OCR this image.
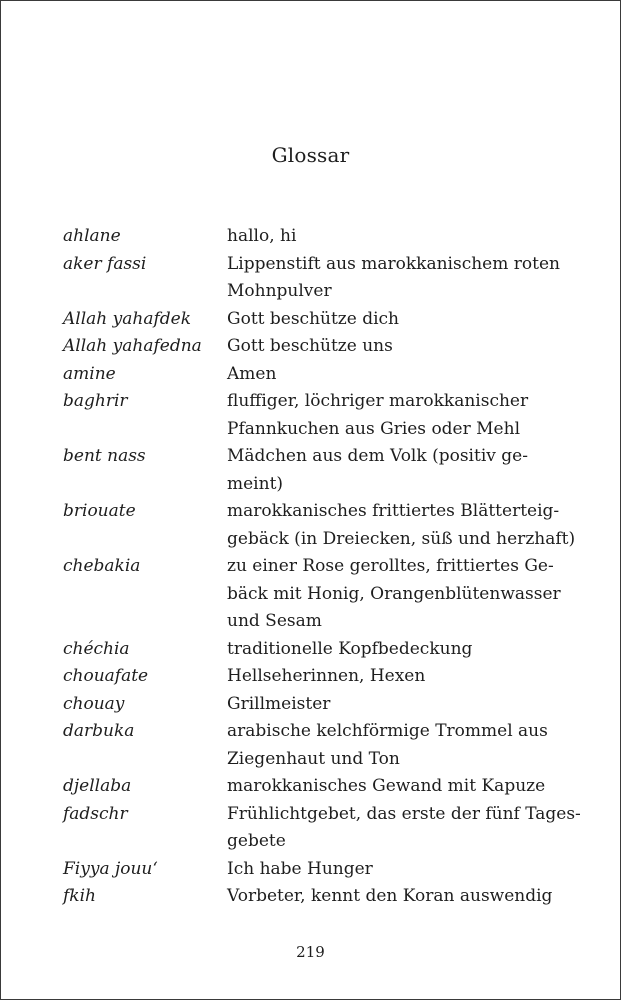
Glossar
ahlane	hallo, hi
aker fassi	Lippenstift aus marokkanischem roten
Mohnpulver
Allah yahafdek	Gott beschütze dich
Allah yahafedna	Gott beschütze uns
amine	Amen
baghrir	fluffiger, löchriger marokkanischer
Pfannkuchen aus Gries oder Mehl
bent nass	Mädchen aus dem Volk (positiv ge-
meint)
briouate	marokkanisches frittiertes Blätterteig-
gebäck (in Dreiecken, süß und herzhaft)
chebakia	zu einer Rose gerolltes, frittiertes Ge-
bäck mit Honig, Orangenblütenwasser
und Sesam
chéchia	traditionelle Kopfbedeckung
chouafate	Hellseherinnen, Hexen
chouay	Grillmeister
darbuka	arabische kelchförmige Trommel aus
Ziegenhaut und Ton
djellaba	marokkanisches Gewand mit Kapuze
fadschr	Frühlichtgebet, das erste der fünf Tages-
gebete
Fiyya jouu‘	Ich habe Hunger
fkih	Vorbeter, kennt den Koran auswendig
219
